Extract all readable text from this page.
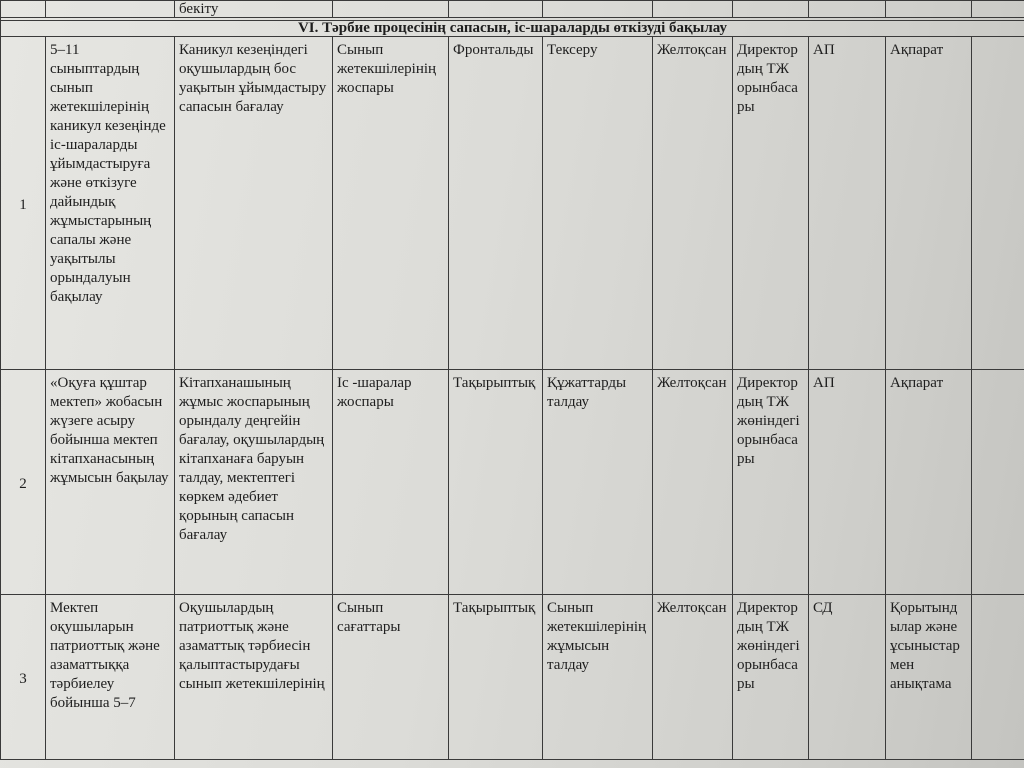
		бекіту								

VI. Тәрбие процесінің сапасын, іс-шараларды өткізуді бақылау										
1	5–11 сыныптардың сынып жетекшілерінің каникул кезеңінде іс-шараларды ұйымдастыруға және өткізуге дайындық жұмыстарының сапалы және уақытылы орындалуын бақылау	Каникул кезеңіндегі оқушылардың бос уақытын ұйымдастыру сапасын бағалау	Сынып жетекшілерінің жоспары	Фронтальды	Тексеру	Желтоқсан	Директордың ТЖ орынбасары	АП	Ақпарат	
2	«Оқуға құштар мектеп» жобасын жүзеге асыру бойынша мектеп кітапханасының жұмысын бақылау	Кітапханашының жұмыс жоспарының орындалу деңгейін бағалау, оқушылардың кітапханаға баруын талдау, мектептегі көркем әдебиет қорының сапасын бағалау	Іс -шаралар жоспары	Тақырыптық	Құжаттарды талдау	Желтоқсан	Директордың ТЖ жөніндегі орынбасары	АП	Ақпарат	
3	Мектеп оқушыларын патриоттық және азаматтыққа тәрбиелеу бойынша 5–7	Оқушылардың патриоттық және азаматтық тәрбиесін қалыптастырудағы сынып жетекшілерінің	Сынып сағаттары	Тақырыптық	Сынып жетекшілерінің жұмысын талдау	Желтоқсан	Директордың ТЖ жөніндегі орынбасары	СД	Қорытындылар және ұсыныстармен анықтама	
